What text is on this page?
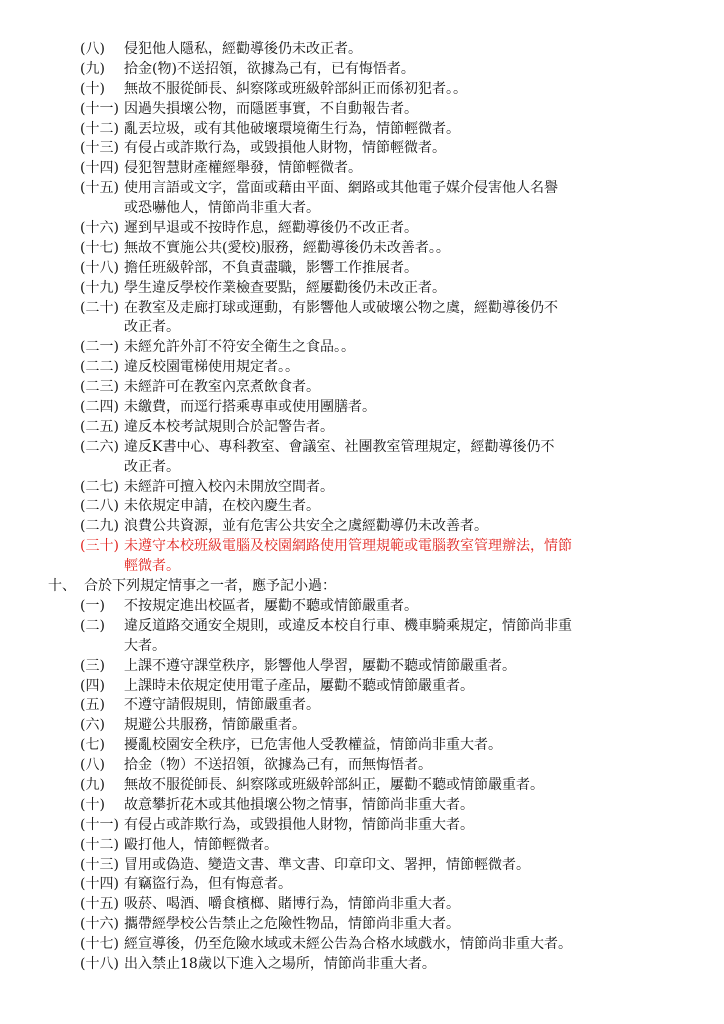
(八) 侵犯他人隱私，經勸導後仍未改正者。
(九) 拾金(物)不送招領，欲據為己有，已有悔悟者。
(十) 無故不服從師長、糾察隊或班級幹部糾正而係初犯者。。
(十一) 因過失損壞公物，而隱匿事實，不自動報告者。
(十二) 亂丟垃圾，或有其他破壞環境衛生行為，情節輕微者。
(十三) 有侵占或詐欺行為，或毀損他人財物，情節輕微者。
(十四) 侵犯智慧財產權經舉發，情節輕微者。
(十五) 使用言語或文字，當面或藉由平面、網路或其他電子媒介侵害他人名譽
或恐嚇他人，情節尚非重大者。
(十六) 遲到早退或不按時作息，經勸導後仍不改正者。
(十七) 無故不實施公共(愛校)服務，經勸導後仍未改善者。。
(十八) 擔任班級幹部，不負責盡職，影響工作推展者。
(十九) 學生違反學校作業檢查要點，經屢勸後仍未改正者。
(二十) 在教室及走廊打球或運動，有影響他人或破壞公物之虞，經勸導後仍不
改正者。
(二一) 未經允許外訂不符安全衛生之食品。。
(二二) 違反校園電梯使用規定者。。
(二三) 未經許可在教室內烹煮飲食者。
(二四) 未繳費，而逕行搭乘專車或使用團膳者。
(二五) 違反本校考試規則合於記警告者。
(二六) 違反K書中心、專科教室、會議室、社團教室管理規定，經勸導後仍不
改正者。
(二七) 未經許可擅入校內未開放空間者。
(二八) 未依規定申請，在校內慶生者。
(二九) 浪費公共資源，並有危害公共安全之虞經勸導仍未改善者。
(三十) 未遵守本校班級電腦及校園網路使用管理規範或電腦教室管理辦法，情節
輕微者。
十、 合於下列規定情事之一者，應予記小過：
(一) 不按規定進出校區者，屢勸不聽或情節嚴重者。
(二) 違反道路交通安全規則，或違反本校自行車、機車騎乘規定，情節尚非重
大者。
(三) 上課不遵守課堂秩序，影響他人學習，屢勸不聽或情節嚴重者。
(四) 上課時未依規定使用電子產品，屢勸不聽或情節嚴重者。
(五) 不遵守請假規則，情節嚴重者。
(六) 規避公共服務，情節嚴重者。
(七) 擾亂校園安全秩序，已危害他人受教權益，情節尚非重大者。
(八) 拾金（物）不送招領，欲據為己有，而無悔悟者。
(九) 無故不服從師長、糾察隊或班級幹部糾正，屢勸不聽或情節嚴重者。
(十) 故意攀折花木或其他損壞公物之情事，情節尚非重大者。
(十一) 有侵占或詐欺行為，或毀損他人財物，情節尚非重大者。
(十二) 毆打他人，情節輕微者。
(十三) 冒用或偽造、變造文書、準文書、印章印文、署押，情節輕微者。
(十四) 有竊盜行為，但有悔意者。
(十五) 吸菸、喝酒、嚼食檳榔、賭博行為，情節尚非重大者。
(十六) 攜帶經學校公告禁止之危險性物品，情節尚非重大者。
(十七) 經宣導後，仍至危險水域或未經公告為合格水域戲水，情節尚非重大者。
(十八) 出入禁止18歲以下進入之場所，情節尚非重大者。
